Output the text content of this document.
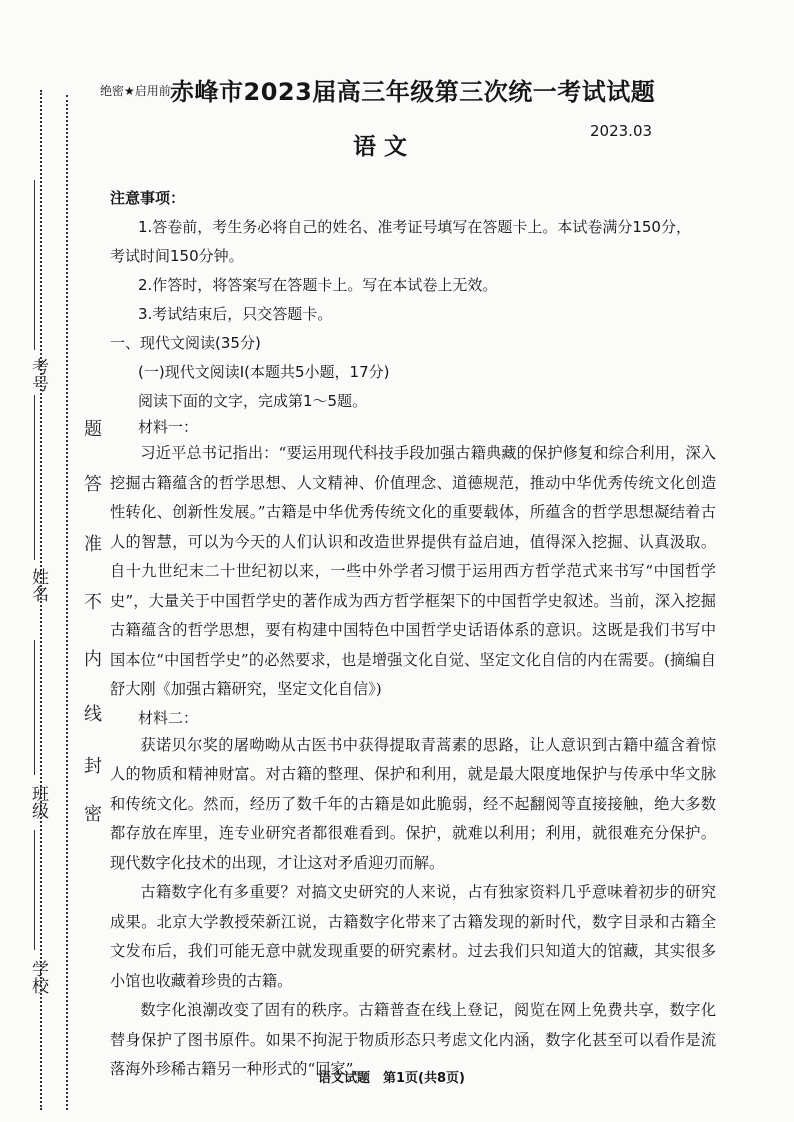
考号
姓名
班级
学校
题
答
准
不
内
线
封
密
绝密★启用前 赤峰市2023届高三年级第三次统一考试试题
语 文
2023.03

注意事项：

1.答卷前，考生务必将自己的姓名、准考证号填写在答题卡上。本试卷满分150分，

考试时间150分钟。

2.作答时，将答案写在答题卡上。写在本试卷上无效。

3.考试结束后，只交答题卡。

一、现代文阅读(35分)

(一)现代文阅读Ⅰ(本题共5小题，17分)

阅读下面的文字，完成第1～5题。

材料一：

习近平总书记指出：“要运用现代科技手段加强古籍典藏的保护修复和综合利用，深入挖掘古籍蕴含的哲学思想、人文精神、价值理念、道德规范，推动中华优秀传统文化创造性转化、创新性发展。”古籍是中华优秀传统文化的重要载体，所蕴含的哲学思想凝结着古人的智慧，可以为今天的人们认识和改造世界提供有益启迪，值得深入挖掘、认真汲取。自十九世纪末二十世纪初以来，一些中外学者习惯于运用西方哲学范式来书写“中国哲学史”，大量关于中国哲学史的著作成为西方哲学框架下的中国哲学史叙述。当前，深入挖掘古籍蕴含的哲学思想，要有构建中国特色中国哲学史话语体系的意识。这既是我们书写中国本位“中国哲学史”的必然要求，也是增强文化自觉、坚定文化自信的内在需要。(摘编自舒大刚《加强古籍研究，坚定文化自信》)

材料二：

获诺贝尔奖的屠呦呦从古医书中获得提取青蒿素的思路，让人意识到古籍中蕴含着惊人的物质和精神财富。对古籍的整理、保护和利用，就是最大限度地保护与传承中华文脉和传统文化。然而，经历了数千年的古籍是如此脆弱，经不起翻阅等直接接触，绝大多数都存放在库里，连专业研究者都很难看到。保护，就难以利用；利用，就很难充分保护。现代数字化技术的出现，才让这对矛盾迎刃而解。

古籍数字化有多重要？对搞文史研究的人来说，占有独家资料几乎意味着初步的研究成果。北京大学教授荣新江说，古籍数字化带来了古籍发现的新时代，数字目录和古籍全文发布后，我们可能无意中就发现重要的研究素材。过去我们只知道大的馆藏，其实很多小馆也收藏着珍贵的古籍。

数字化浪潮改变了固有的秩序。古籍普查在线上登记，阅览在网上免费共享，数字化替身保护了图书原件。如果不拘泥于物质形态只考虑文化内涵，数字化甚至可以看作是流落海外珍稀古籍另一种形式的“回家”。

语文试题　第1页(共8页)
